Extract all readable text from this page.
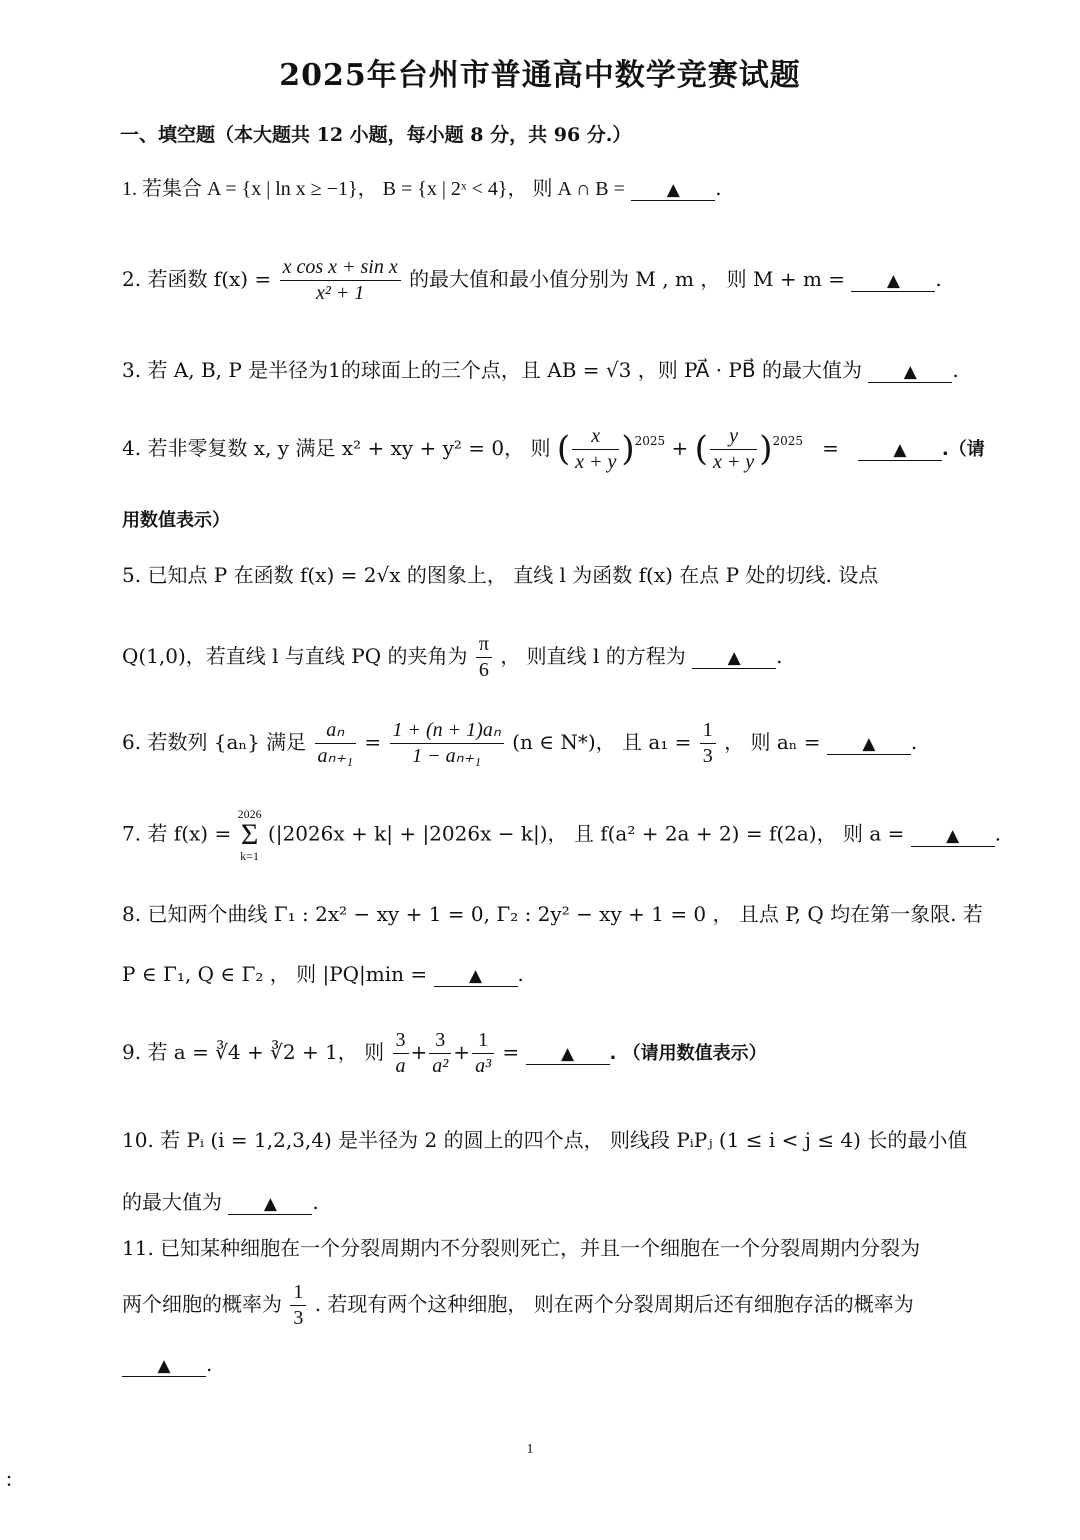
2025年台州市普通高中数学竞赛试题
一、填空题（本大题共 12 小题，每小题 8 分，共 96 分.）
1. 若集合 A = {x | ln x ≥ −1}， B = {x | 2ˣ < 4}， 则 A ∩ B = ▲ .
2. 若函数 $f(x) = \frac{\text{x cos x + sin x}}{\text{x² + 1}}$ 的最大值和最小值分别为 M , m ， 则 M + m = ▲ .
3. 若 A, B, P 是半径为1的球面上的三个点，且 AB = √3 ，则 PA⃗ · PB⃗ 的最大值为 ▲ .
4. 若非零复数 x, y 满足 x² + xy + y² = 0， 则 ( $\frac{x}{x + y} )^{2025}$ + ( $\frac{y}{x + y} )^{2025}$ =	▲ .（请
用数值表示）
5. 已知点 P 在函数 f(x) = 2√x 的图象上， 直线 l 为函数 f(x) 在点 P 处的切线. 设点
Q(1,0)，若直线 l 与直线 PQ 的夹角为 $\frac{\pi}{6}$ ， 则直线 l 的方程为 ▲ .
6. 若数列 {aₙ} 满足 $\frac{\text{aₙ}}{\text{aₙ₊₁}} = \frac{\text{1 + (n + 1)aₙ}}{\text{1 − aₙ₊₁}} (n$ ∈ N*)， 且 $a_1 = \frac{1}{3}$ ， 则 aₙ = ▲ .
7. 若 f(x) =
2026
Σ
k=1
(|2026x + k| + |2026x − k|)， 且 f(a² + 2a + 2) = f(2a)， 则 a = ▲ .
8. 已知两个曲线 Γ₁ : 2x² − xy + 1 = 0, Γ₂ : 2y² − xy + 1 = 0 ， 且点 P, Q 均在第一象限. 若
P ∈ Γ₁, Q ∈ Γ₂ ， 则 |PQ|min = ▲ .
9. 若 a = ∛4 + ∛2 + 1， 则 $\frac{3}{a} + \frac{3}{\text{a²}} + \frac{1}{\text{a³}}$ = ▲ . （请用数值表示）
10. 若 Pᵢ (i = 1,2,3,4) 是半径为 2 的圆上的四个点， 则线段 PᵢPⱼ (1 ≤ i < j ≤ 4) 长的最小值
的最大值为 ▲ .
11. 已知某种细胞在一个分裂周期内不分裂则死亡，并且一个细胞在一个分裂周期内分裂为
两个细胞的概率为 $\frac{1}{3}$ . 若现有两个这种细胞， 则在两个分裂周期后还有细胞存活的概率为
▲ .
1
:
